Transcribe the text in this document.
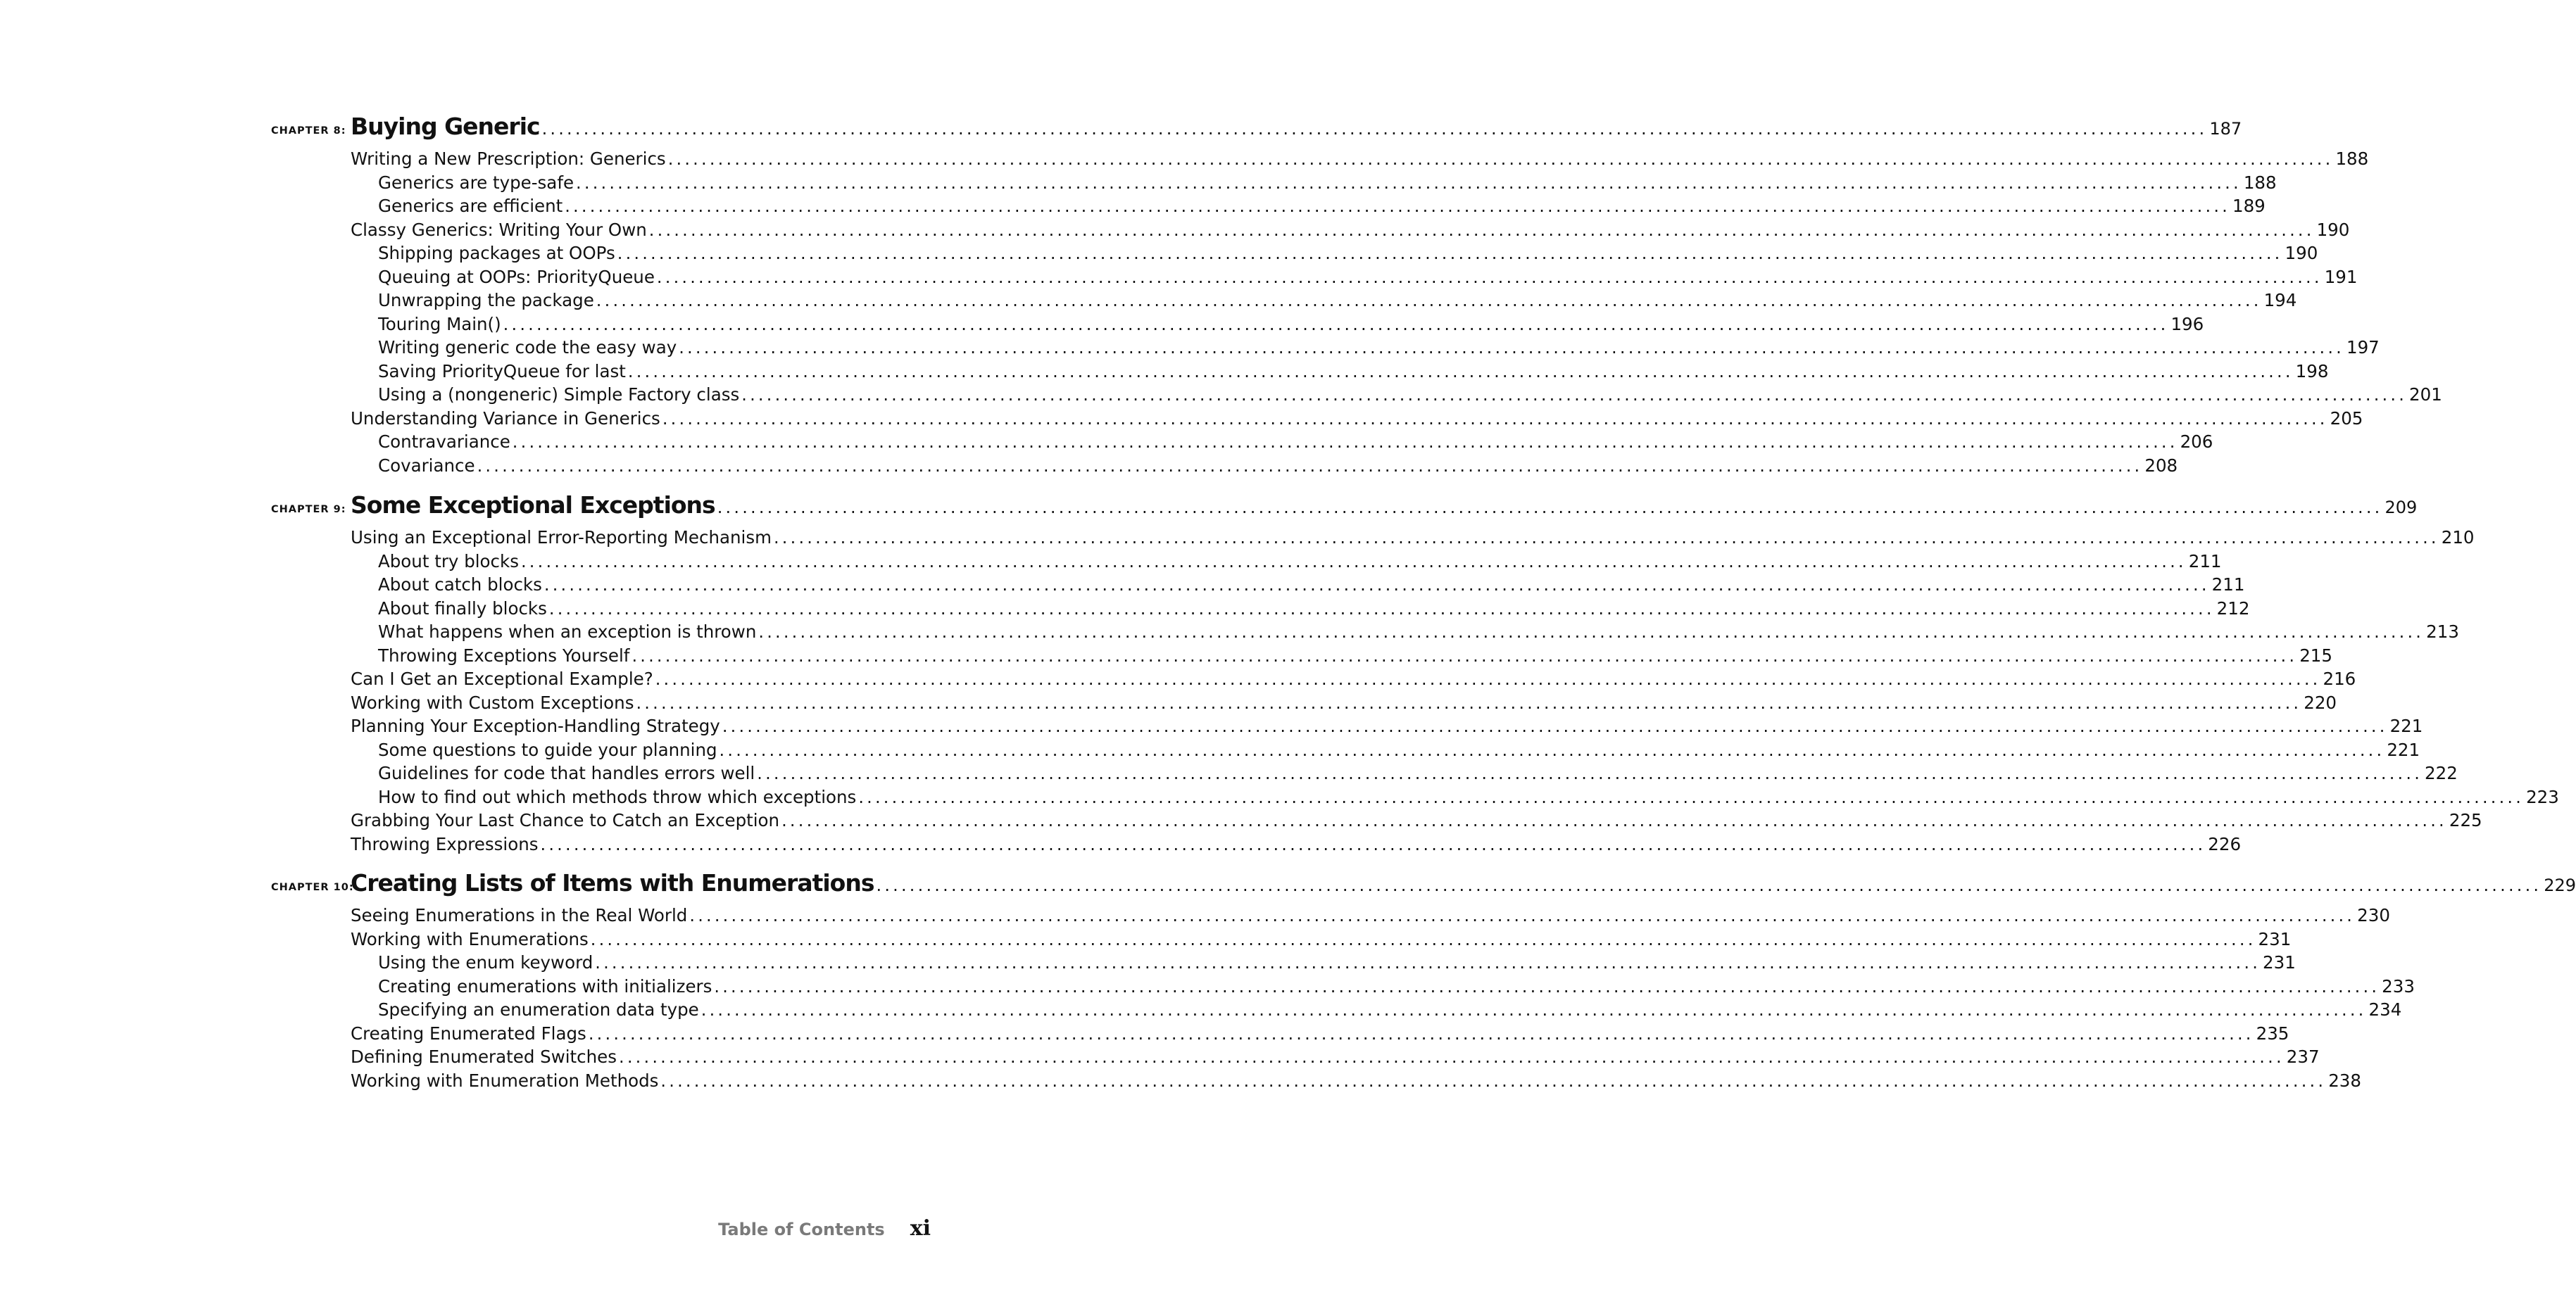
CHAPTER 8: Buying Generic ........................................................................................................................................................................................................ 187
Writing a New Prescription: Generics ........................................................................................................................................................................................................ 188
Generics are type-safe ........................................................................................................................................................................................................ 188
Generics are efficient ........................................................................................................................................................................................................ 189
Classy Generics: Writing Your Own ........................................................................................................................................................................................................ 190
Shipping packages at OOPs ........................................................................................................................................................................................................ 190
Queuing at OOPs: PriorityQueue ........................................................................................................................................................................................................ 191
Unwrapping the package ........................................................................................................................................................................................................ 194
Touring Main() ........................................................................................................................................................................................................ 196
Writing generic code the easy way ........................................................................................................................................................................................................ 197
Saving PriorityQueue for last ........................................................................................................................................................................................................ 198
Using a (nongeneric) Simple Factory class ........................................................................................................................................................................................................ 201
Understanding Variance in Generics ........................................................................................................................................................................................................ 205
Contravariance ........................................................................................................................................................................................................ 206
Covariance ........................................................................................................................................................................................................ 208
CHAPTER 9: Some Exceptional Exceptions ........................................................................................................................................................................................................ 209
Using an Exceptional Error-Reporting Mechanism ........................................................................................................................................................................................................ 210
About try blocks ........................................................................................................................................................................................................ 211
About catch blocks ........................................................................................................................................................................................................ 211
About finally blocks ........................................................................................................................................................................................................ 212
What happens when an exception is thrown ........................................................................................................................................................................................................ 213
Throwing Exceptions Yourself ........................................................................................................................................................................................................ 215
Can I Get an Exceptional Example? ........................................................................................................................................................................................................ 216
Working with Custom Exceptions ........................................................................................................................................................................................................ 220
Planning Your Exception-Handling Strategy ........................................................................................................................................................................................................ 221
Some questions to guide your planning ........................................................................................................................................................................................................ 221
Guidelines for code that handles errors well ........................................................................................................................................................................................................ 222
How to find out which methods throw which exceptions ........................................................................................................................................................................................................ 223
Grabbing Your Last Chance to Catch an Exception ........................................................................................................................................................................................................ 225
Throwing Expressions ........................................................................................................................................................................................................ 226
CHAPTER 10:
Creating Lists of Items with Enumerations ........................................................................................................................................................................................................ 229
Seeing Enumerations in the Real World ........................................................................................................................................................................................................ 230
Working with Enumerations ........................................................................................................................................................................................................ 231
Using the enum keyword ........................................................................................................................................................................................................ 231
Creating enumerations with initializers ........................................................................................................................................................................................................ 233
Specifying an enumeration data type ........................................................................................................................................................................................................ 234
Creating Enumerated Flags ........................................................................................................................................................................................................ 235
Defining Enumerated Switches ........................................................................................................................................................................................................ 237
Working with Enumeration Methods ........................................................................................................................................................................................................ 238
Table of Contents xi
